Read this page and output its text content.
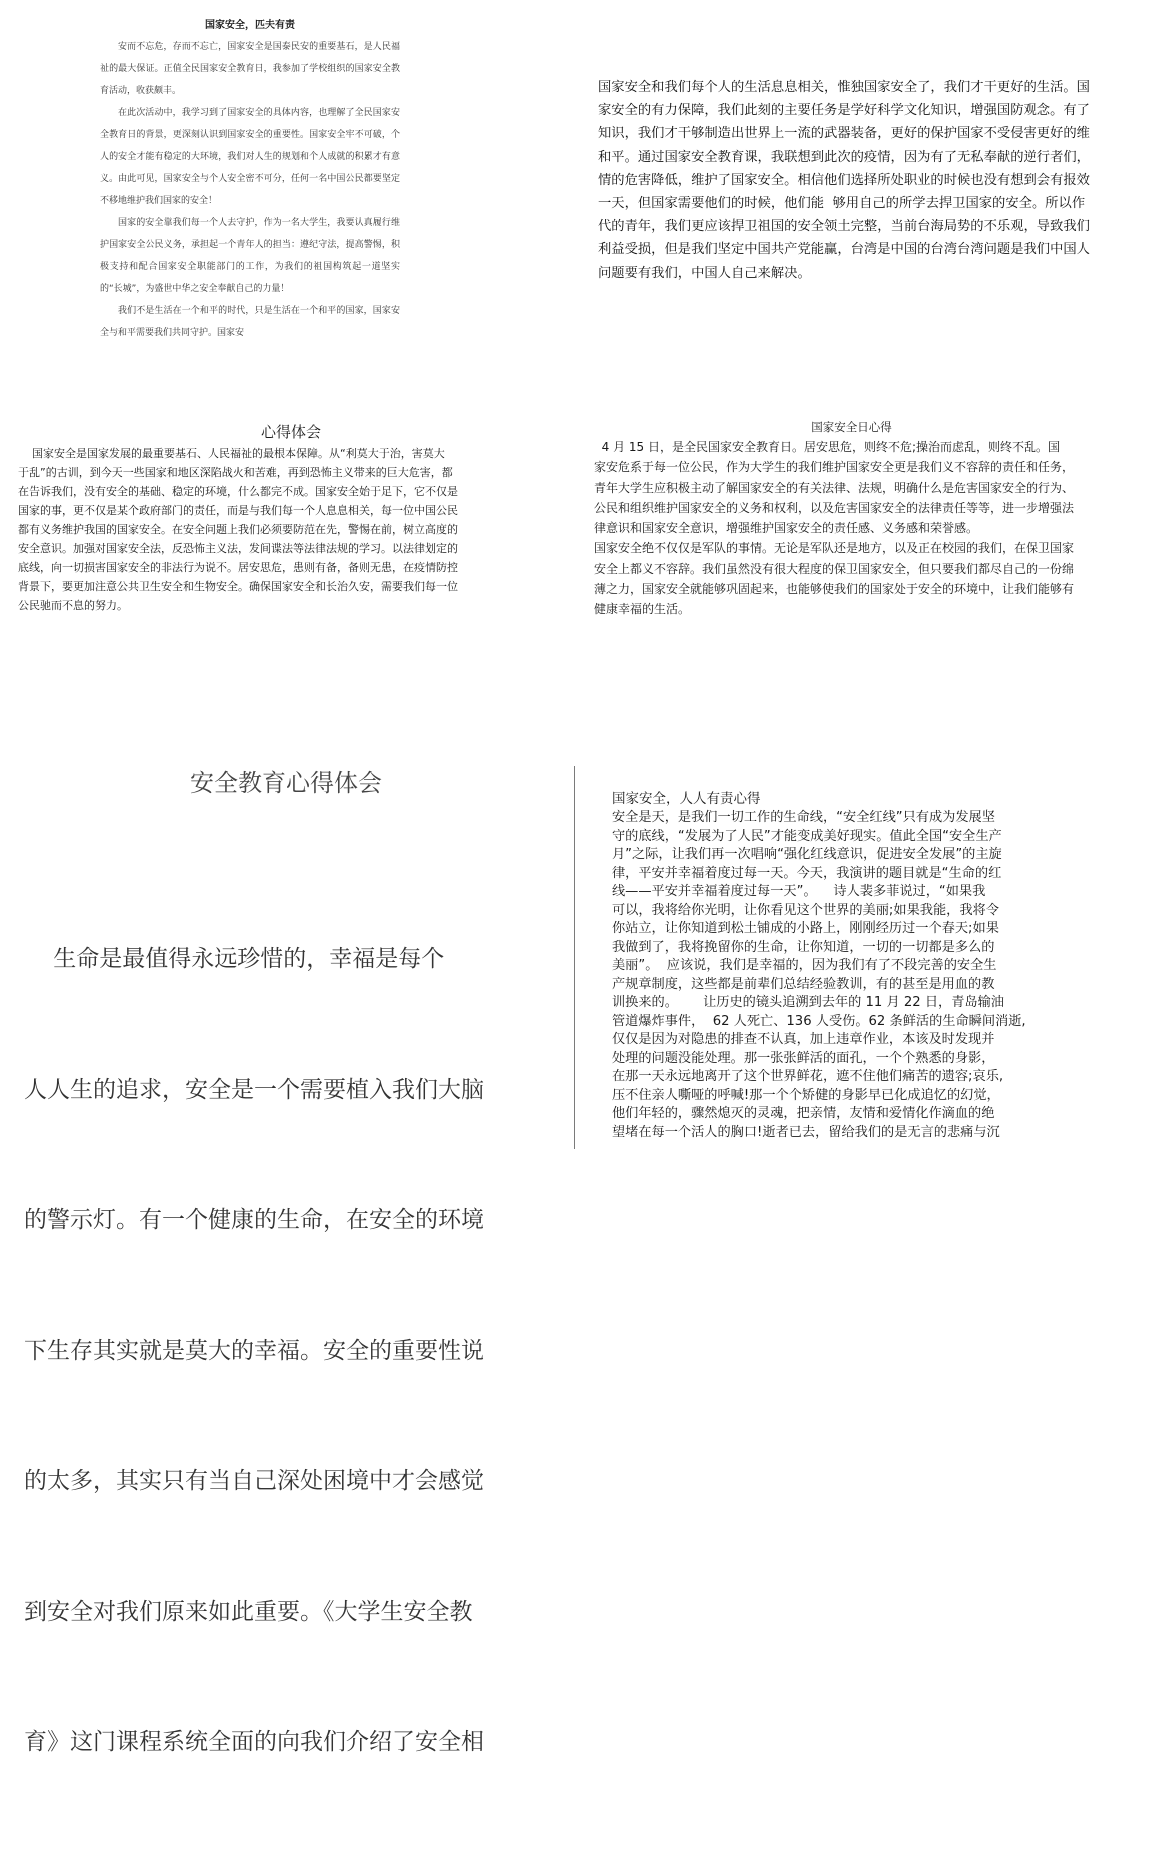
国家安全，匹夫有责

安而不忘危，存而不忘亡，国家安全是国泰民安的重要基石，是人民福祉的最大保证。正值全民国家安全教育日，我参加了学校组织的国家安全教育活动，收获颇丰。

在此次活动中，我学习到了国家安全的具体内容，也理解了全民国家安全教育日的背景，更深刻认识到国家安全的重要性。国家安全牢不可破，个人的安全才能有稳定的大环境，我们对人生的规划和个人成就的积累才有意义。由此可见，国家安全与个人安全密不可分，任何一名中国公民都要坚定不移地维护我们国家的安全！

国家的安全靠我们每一个人去守护，作为一名大学生，我要认真履行维护国家安全公民义务，承担起一个青年人的担当：遵纪守法，提高警惕，积极支持和配合国家安全职能部门的工作，为我们的祖国构筑起一道坚实的“长城”，为盛世中华之安全奉献自己的力量！

我们不是生活在一个和平的时代，只是生活在一个和平的国家，国家安全与和平需要我们共同守护。国家安

国家安全和我们每个人的生活息息相关，惟独国家安全了，我们才干更好的生活。国

家安全的有力保障，我们此刻的主要任务是学好科学文化知识，增强国防观念。有了

知识，我们才干够制造出世界上一流的武器装备，更好的保护国家不受侵害更好的维

和平。通过国家安全教育课，我联想到此次的疫情，因为有了无私奉献的逆行者们，

情的危害降低，维护了国家安全。相信他们选择所处职业的时候也没有想到会有报效

一天，但国家需要他们的时候，他们能  够用自己的所学去捍卫国家的安全。所以作

代的青年，我们更应该捍卫祖国的安全领土完整，当前台海局势的不乐观，导致我们

利益受损，但是我们坚定中国共产党能赢，台湾是中国的台湾台湾问题是我们中国人

问题要有我们，中国人自己来解决。

心得体会

国家安全是国家发展的最重要基石、人民福祉的最根本保障。从“利莫大于治，害莫大

于乱”的古训，到今天一些国家和地区深陷战火和苦难，再到恐怖主义带来的巨大危害，都

在告诉我们，没有安全的基础、稳定的环境，什么都完不成。国家安全始于足下，它不仅是

国家的事，更不仅是某个政府部门的责任，而是与我们每一个人息息相关，每一位中国公民

都有义务维护我国的国家安全。在安全问题上我们必须要防范在先，警惕在前，树立高度的

安全意识。加强对国家安全法，反恐怖主义法，发间谍法等法律法规的学习。以法律划定的

底线，向一切损害国家安全的非法行为说不。居安思危，患则有备，备则无患，在疫情防控

背景下，要更加注意公共卫生安全和生物安全。确保国家安全和长治久安，需要我们每一位

公民驰而不息的努力。

国家安全日心得

4 月 15 日，是全民国家安全教育日。居安思危，则终不危;操治而虑乱，则终不乱。国

家安危系于每一位公民，作为大学生的我们维护国家安全更是我们义不容辞的责任和任务，

青年大学生应积极主动了解国家安全的有关法律、法规，明确什么是危害国家安全的行为、

公民和组织维护国家安全的义务和权利，以及危害国家安全的法律责任等等，进一步增强法

律意识和国家安全意识，增强维护国家安全的责任感、义务感和荣誉感。

国家安全绝不仅仅是军队的事情。无论是军队还是地方，以及正在校园的我们，在保卫国家

安全上都义不容辞。我们虽然没有很大程度的保卫国家安全，但只要我们都尽自己的一份绵

薄之力，国家安全就能够巩固起来，也能够使我们的国家处于安全的环境中，让我们能够有

健康幸福的生活。

安全教育心得体会

生命是最值得永远珍惜的，幸福是每个

人人生的追求，安全是一个需要植入我们大脑

的警示灯。有一个健康的生命，在安全的环境

下生存其实就是莫大的幸福。安全的重要性说

的太多，其实只有当自己深处困境中才会感觉

到安全对我们原来如此重要。《大学生安全教

育》这门课程系统全面的向我们介绍了安全相

国家安全，人人有责心得

安全是天，是我们一切工作的生命线，“安全红线”只有成为发展坚

守的底线，“发展为了人民”才能变成美好现实。值此全国“安全生产

月”之际，让我们再一次唱响“强化红线意识，促进安全发展”的主旋

律，平安并幸福着度过每一天。今天，我演讲的题目就是“生命的红

线——平安并幸福着度过每一天”。    诗人裴多菲说过，“如果我

可以，我将给你光明，让你看见这个世界的美丽;如果我能，我将令

你站立，让你知道到松土铺成的小路上，刚刚经历过一个春天;如果

我做到了，我将挽留你的生命，让你知道，一切的一切都是多么的

美丽”。  应该说，我们是幸福的，因为我们有了不段完善的安全生

产规章制度，这些都是前辈们总结经验教训，有的甚至是用血的教

训换来的。      让历史的镜头追溯到去年的 11 月 22 日，青岛输油

管道爆炸事件，  62 人死亡、136 人受伤。62 条鲜活的生命瞬间消逝,

仅仅是因为对隐患的排查不认真，加上违章作业，本该及时发现并

处理的问题没能处理。那一张张鲜活的面孔，一个个熟悉的身影，

在那一天永远地离开了这个世界鲜花，遮不住他们痛苦的遗容;哀乐,

压不住亲人嘶哑的呼喊!那一个个矫健的身影早已化成追忆的幻觉，

他们年轻的，骤然熄灭的灵魂，把亲情，友情和爱情化作滴血的绝

望堵在每一个活人的胸口!逝者已去，留给我们的是无言的悲痛与沉
